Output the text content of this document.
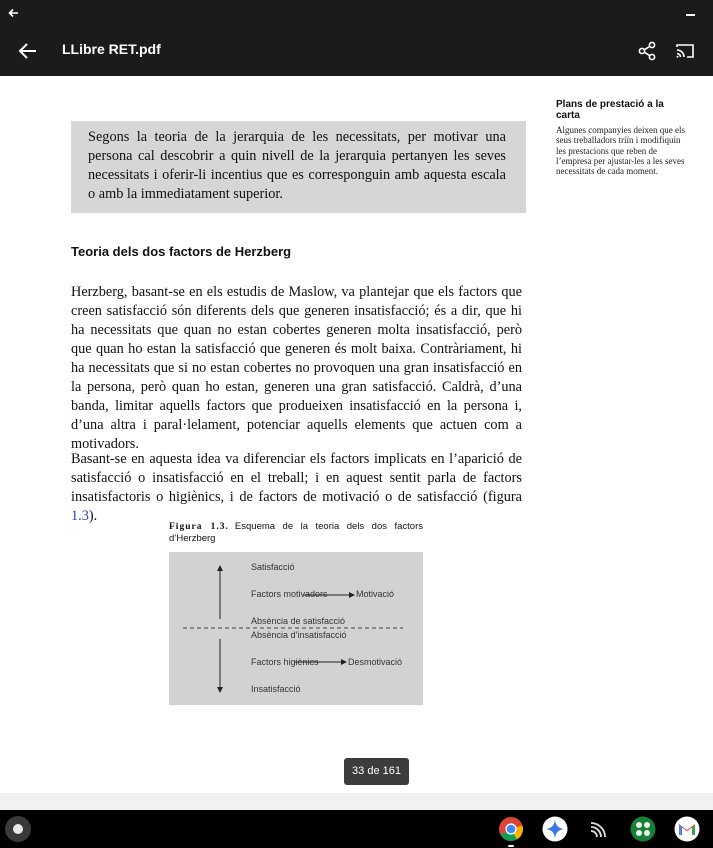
LLibre RET.pdf
Plans de prestació a la carta
Algunes companyies deixen que els seus treballadors triïn i modifiquin les prestacions que reben de l’empresa per ajustar-les a les seves necessitats de cada moment.

Segons la teoria de la jerarquia de les necessitats, per motivar una persona cal descobrir a quin nivell de la jerarquia pertanyen les seves necessitats i oferir-li incentius que es corresponguin amb aquesta escala o amb la immediatament superior.

Teoria dels dos factors de Herzberg

Herzberg, basant-se en els estudis de Maslow, va plantejar que els factors que creen satisfacció són diferents dels que generen insatisfacció; és a dir, que hi ha necessitats que quan no estan cobertes generen molta insatisfacció, però que quan ho estan la satisfacció que generen és molt baixa. Contràriament, hi ha necessitats que si no estan cobertes no provoquen una gran insatisfacció en la persona, però quan ho estan, generen una gran satisfacció. Caldrà, d’una banda, limitar aquells factors que produeixen insatisfacció en la persona i, d’una altra i paral·lelament, potenciar aquells elements que actuen com a motivadors.

Basant-se en aquesta idea va diferenciar els factors implicats en l’aparició de satisfacció o insatisfacció en el treball; i en aquest sentit parla de factors insatisfactoris o higiènics, i de factors de motivació o de satisfacció (figura 1.3).

Figura 1.3. Esquema de la teoria dels dos factors d’Herzberg
Satisfacció
Factors motivadors	Motivació
Absència de satisfacció
Absència d’insatisfacció
Factors higiènics	Desmotivació
Insatisfacció
33 de 161
